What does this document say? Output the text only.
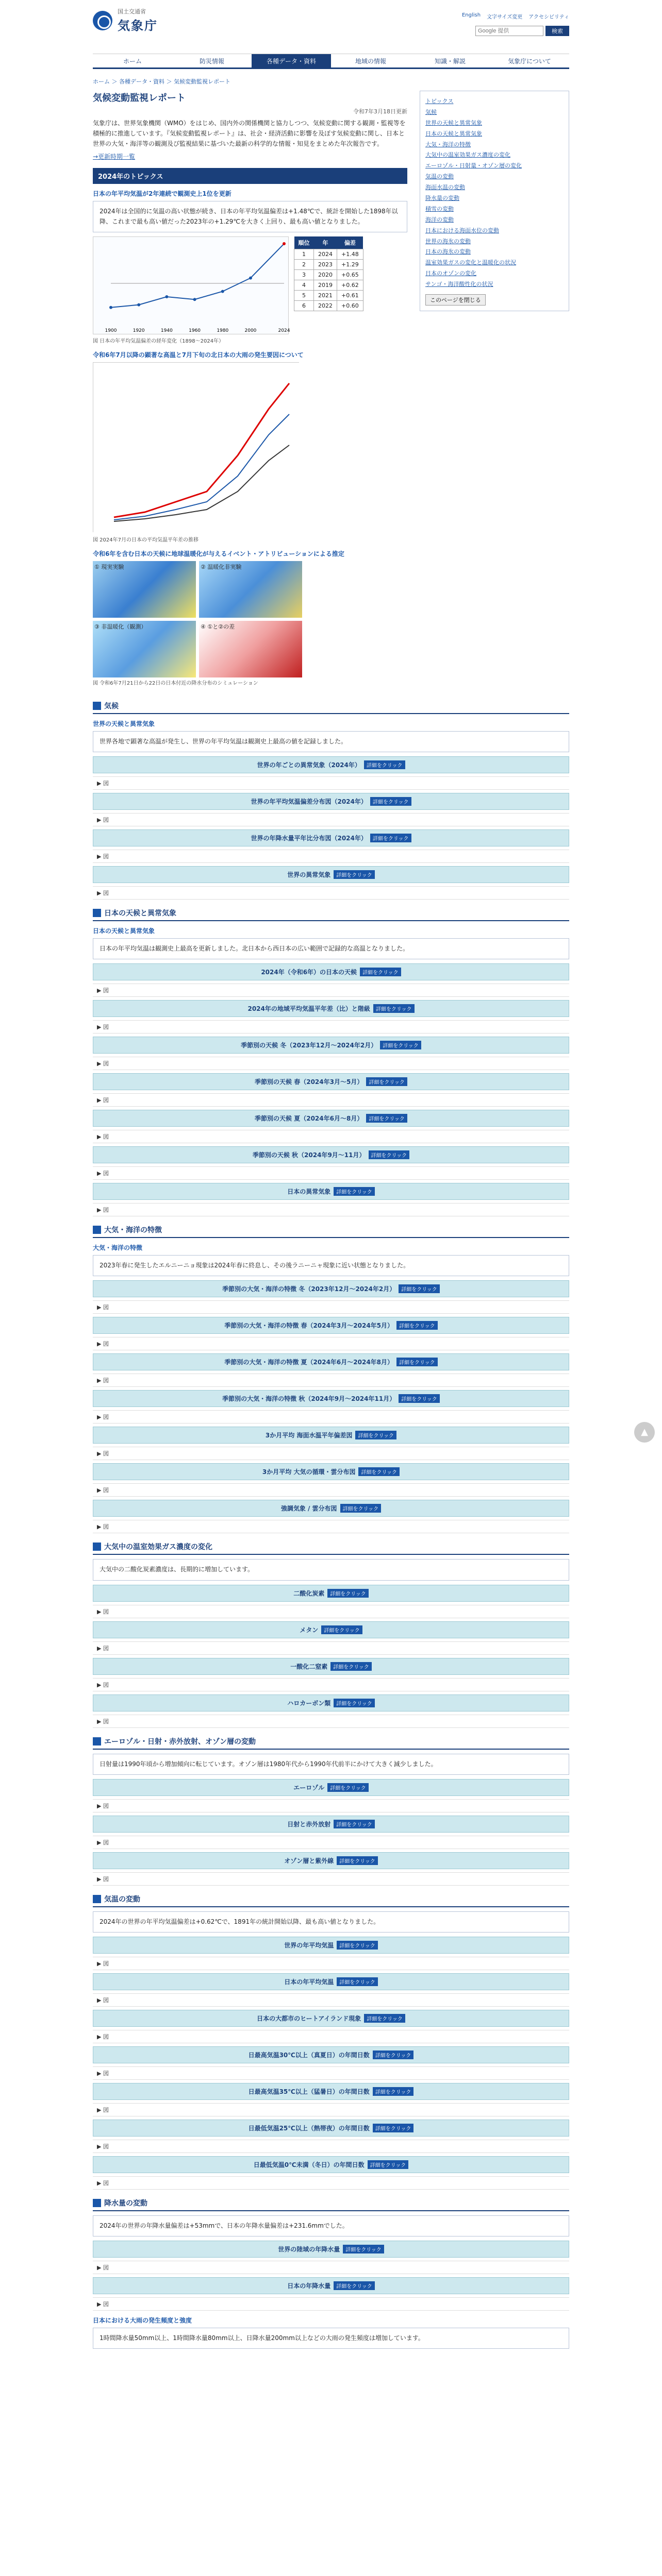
国土交通省
気象庁
English 文字サイズ変更 アクセシビリティ
Google 提供
検索
ホーム	防災情報	各種データ・資料	地域の情報	知識・解説	気象庁について
ホーム ＞ 各種データ・資料 ＞ 気候変動監視レポート
気候変動監視レポート
令和7年3月18日更新

気象庁は、世界気象機関（WMO）をはじめ、国内外の関係機関と協力しつつ、気候変動に関する観測・監視等を積極的に推進しています。『気候変動監視レポート』は、社会・経済活動に影響を及ぼす気候変動に関し、日本と世界の大気・海洋等の観測及び監視結果に基づいた最新の科学的な情報・知見をまとめた年次報告です。

→更新時期一覧
2024年のトピックス
日本の年平均気温が2年連続で観測史上1位を更新
2024年は全国的に気温の高い状態が続き、日本の年平均気温偏差は+1.48℃で、統計を開始した1898年以降、これまで最も高い値だった2023年の+1.29℃を大きく上回り、最も高い値となりました。
1900	1920	1940	1960	1980	2000	2024
順位	年	偏差
1	2024	+1.48
2	2023	+1.29
3	2020	+0.65
4	2019	+0.62
5	2021	+0.61
6	2022	+0.60
図 日本の年平均気温偏差の経年変化（1898〜2024年）
令和6年7月以降の顕著な高温と7月下旬の北日本の大雨の発生要因について
図 2024年7月の日本の平均気温平年差の推移
令和6年を含む日本の天候に地球温暖化が与えるイベント・アトリビューションによる推定
① 現実実験	② 温暖化非実験
③ 非温暖化（観測）	④ ①と②の差
図 令和6年7月21日から22日の日本付近の降水分布のシミュレーション
トピックス
気候
世界の天候と異常気象
日本の天候と異常気象
大気・海洋の特徴
大気中の温室効果ガス濃度の変化
エーロゾル・日射量・オゾン層の変化
気温の変動
海面水温の変動
降水量の変動
積雪の変動
海洋の変動
日本における海面水位の変動
世界の海氷の変動
日本の海氷の変動
温室効果ガスの変化と温暖化の状況
日本のオゾンの変化
サンゴ・海洋酸性化の状況
このページを閉じる
気候
世界の天候と異常気象
世界各地で顕著な高温が発生し、世界の年平均気温は観測史上最高の値を記録しました。
世界の年ごとの異常気象（2024年） 詳細をクリック
▶ 図
世界の年平均気温偏差分布図（2024年） 詳細をクリック
▶ 図
世界の年降水量平年比分布図（2024年） 詳細をクリック
▶ 図
世界の異常気象 詳細をクリック
▶ 図
日本の天候と異常気象
日本の天候と異常気象
日本の年平均気温は観測史上最高を更新しました。北日本から西日本の広い範囲で記録的な高温となりました。
2024年（令和6年）の日本の天候 詳細をクリック
▶ 図
2024年の地域平均気温平年差（比）と階級 詳細をクリック
▶ 図
季節別の天候 冬（2023年12月〜2024年2月） 詳細をクリック
▶ 図
季節別の天候 春（2024年3月〜5月） 詳細をクリック
▶ 図
季節別の天候 夏（2024年6月〜8月） 詳細をクリック
▶ 図
季節別の天候 秋（2024年9月〜11月） 詳細をクリック
▶ 図
日本の異常気象 詳細をクリック
▶ 図
大気・海洋の特徴
大気・海洋の特徴
2023年春に発生したエルニーニョ現象は2024年春に終息し、その後ラニーニャ現象に近い状態となりました。
季節別の大気・海洋の特徴 冬（2023年12月〜2024年2月） 詳細をクリック
▶ 図
季節別の大気・海洋の特徴 春（2024年3月〜2024年5月） 詳細をクリック
▶ 図
季節別の大気・海洋の特徴 夏（2024年6月〜2024年8月） 詳細をクリック
▶ 図
季節別の大気・海洋の特徴 秋（2024年9月〜2024年11月） 詳細をクリック
▶ 図
3か月平均 海面水温平年偏差図 詳細をクリック
▶ 図
3か月平均 大気の循環・雲分布図 詳細をクリック
▶ 図
強調気象 / 雲分布図 詳細をクリック
▶ 図
大気中の温室効果ガス濃度の変化
大気中の二酸化炭素濃度は、長期的に増加しています。
二酸化炭素 詳細をクリック
▶ 図
メタン 詳細をクリック
▶ 図
一酸化二窒素 詳細をクリック
▶ 図
ハロカーボン類 詳細をクリック
▶ 図
エーロゾル・日射・赤外放射、オゾン層の変動
日射量は1990年頃から増加傾向に転じています。オゾン層は1980年代から1990年代前半にかけて大きく減少しました。
エーロゾル 詳細をクリック
▶ 図
日射と赤外放射 詳細をクリック
▶ 図
オゾン層と紫外線 詳細をクリック
▶ 図
気温の変動
2024年の世界の年平均気温偏差は+0.62℃で、1891年の統計開始以降、最も高い値となりました。
世界の年平均気温 詳細をクリック
▶ 図
日本の年平均気温 詳細をクリック
▶ 図
日本の大都市のヒートアイランド現象 詳細をクリック
▶ 図
日最高気温30℃以上（真夏日）の年間日数 詳細をクリック
▶ 図
日最高気温35℃以上（猛暑日）の年間日数 詳細をクリック
▶ 図
日最低気温25℃以上（熱帯夜）の年間日数 詳細をクリック
▶ 図
日最低気温0℃未満（冬日）の年間日数 詳細をクリック
▶ 図
降水量の変動
2024年の世界の年降水量偏差は+53mmで、日本の年降水量偏差は+231.6mmでした。
世界の陸域の年降水量 詳細をクリック
▶ 図
日本の年降水量 詳細をクリック
▶ 図
日本における大雨の発生頻度と強度
1時間降水量50mm以上、1時間降水量80mm以上、日降水量200mm以上などの大雨の発生頻度は増加しています。
▲
